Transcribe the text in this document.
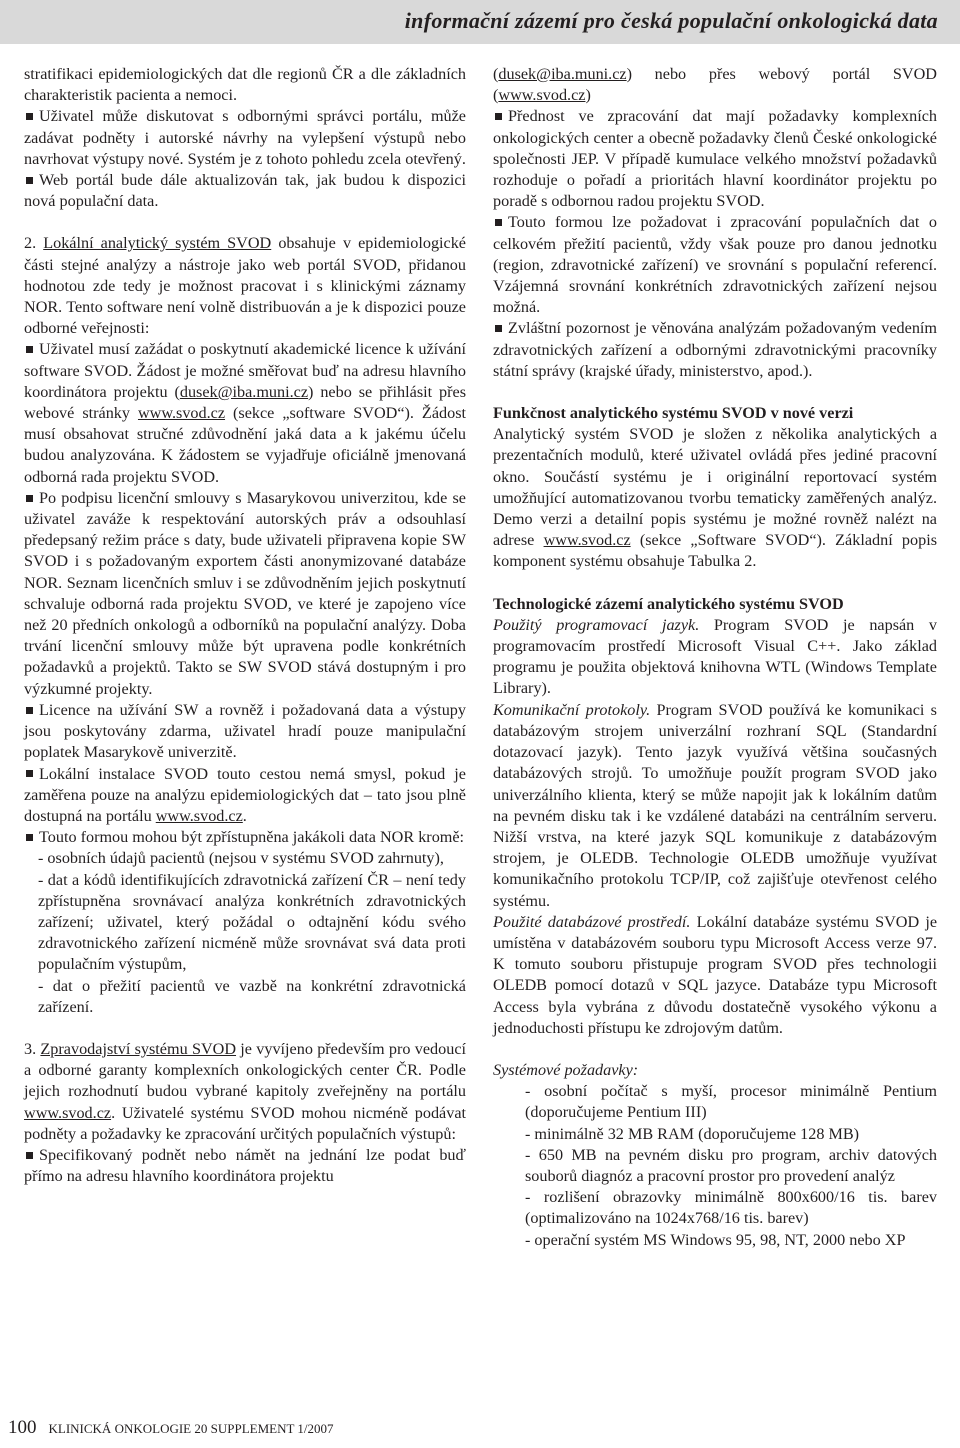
informační zázemí pro česká populační onkologická data

stratifikaci epidemiologických dat dle regionů ČR a dle základních charakteristik pacienta a nemoci.

Uživatel může diskutovat s odbornými správci portálu, může zadávat podněty i autorské návrhy na vylepšení výstupů nebo navrhovat výstupy nové. Systém je z tohoto pohledu zcela otevřený.

Web portál bude dále aktualizován tak, jak budou k dispozici nová populační data.

2. Lokální analytický systém SVOD obsahuje v epidemiologické části stejné analýzy a nástroje jako web portál SVOD, přidanou hodnotou zde tedy je možnost pracovat i s klinickými záznamy NOR. Tento software není volně distribuován a je k dispozici pouze odborné veřejnosti:

Uživatel musí zažádat o poskytnutí akademické licence k užívání software SVOD. Žádost je možné směřovat buď na adresu hlavního koordinátora projektu (dusek@iba.muni.cz) nebo se přihlásit přes webové stránky www.svod.cz (sekce „software SVOD“). Žádost musí obsahovat stručné zdůvodnění jaká data a k jakému účelu budou analyzována. K žádostem se vyjadřuje oficiálně jmenovaná odborná rada projektu SVOD.

Po podpisu licenční smlouvy s Masarykovou univerzitou, kde se uživatel zaváže k respektování autorských práv a odsouhlasí předepsaný režim práce s daty, bude uživateli připravena kopie SW SVOD i s požadovaným exportem části anonymizované databáze NOR. Seznam licenčních smluv i se zdůvodněním jejich poskytnutí schvaluje odborná rada projektu SVOD, ve které je zapojeno více než 20 předních onkologů a odborníků na populační analýzy. Doba trvání licenční smlouvy může být upravena podle konkrétních požadavků a projektů. Takto se SW SVOD stává dostupným i pro výzkumné projekty.

Licence na užívání SW a rovněž i požadovaná data a výstupy jsou poskytovány zdarma, uživatel hradí pouze manipulační poplatek Masarykově univerzitě.

Lokální instalace SVOD touto cestou nemá smysl, pokud je zaměřena pouze na analýzu epidemiologických dat – tato jsou plně dostupná na portálu www.svod.cz.

Touto formou mohou být zpřístupněna jakákoli data NOR kromě:

- osobních údajů pacientů (nejsou v systému SVOD zahrnuty),

- dat a kódů identifikujících zdravotnická zařízení ČR – není tedy zpřístupněna srovnávací analýza konkrétních zdravotnických zařízení; uživatel, který požádal o odtajnění kódu svého zdravotnického zařízení nicméně může srovnávat svá data proti populačním výstupům,

- dat o přežití pacientů ve vazbě na konkrétní zdravotnická zařízení.

3. Zpravodajství systému SVOD je vyvíjeno především pro vedoucí a odborné garanty komplexních onkologických center ČR. Podle jejich rozhodnutí budou vybrané kapitoly zveřejněny na portálu www.svod.cz. Uživatelé systému SVOD mohou nicméně podávat podněty a požadavky ke zpracování určitých populačních výstupů:

Specifikovaný podnět nebo námět na jednání lze podat buď přímo na adresu hlavního koordinátora projektu

(dusek@iba.muni.cz) nebo přes webový portál SVOD (www.svod.cz)

Přednost ve zpracování dat mají požadavky komplexních onkologických center a obecně požadavky členů České onkologické společnosti JEP. V případě kumulace velkého množství požadavků rozhoduje o pořadí a prioritách hlavní koordinátor projektu po poradě s odbornou radou projektu SVOD.

Touto formou lze požadovat i zpracování populačních dat o celkovém přežití pacientů, vždy však pouze pro danou jednotku (region, zdravotnické zařízení) ve srovnání s populační referencí. Vzájemná srovnání konkrétních zdravotnických zařízení nejsou možná.

Zvláštní pozornost je věnována analýzám požadovaným vedením zdravotnických zařízení a odbornými zdravotnickými pracovníky státní správy (krajské úřady, ministerstvo, apod.).

Funkčnost analytického systému SVOD v nové verzi

Analytický systém SVOD je složen z několika analytických a prezentačních modulů, které uživatel ovládá přes jediné pracovní okno. Součástí systému je i originální reportovací systém umožňující automatizovanou tvorbu tematicky zaměřených analýz. Demo verzi a detailní popis systému je možné rovněž nalézt na adrese www.svod.cz (sekce „Software SVOD“). Základní popis komponent systému obsahuje Tabulka 2.

Technologické zázemí analytického systému SVOD

Použitý programovací jazyk. Program SVOD je napsán v programovacím prostředí Microsoft Visual C++. Jako základ programu je použita objektová knihovna WTL (Windows Template Library).

Komunikační protokoly. Program SVOD používá ke komunikaci s databázovým strojem univerzální rozhraní SQL (Standardní dotazovací jazyk). Tento jazyk využívá většina současných databázových strojů. To umožňuje použít program SVOD jako univerzálního klienta, který se může napojit jak k lokálním datům na pevném disku tak i ke vzdálené databázi na centrálním serveru. Nižší vrstva, na které jazyk SQL komunikuje z databázovým strojem, je OLEDB. Technologie OLEDB umožňuje využívat komunikačního protokolu TCP/IP, což zajišťuje otevřenost celého systému.

Použité databázové prostředí. Lokální databáze systému SVOD je umístěna v databázovém souboru typu Microsoft Access verze 97. K tomuto souboru přistupuje program SVOD přes technologii OLEDB pomocí dotazů v SQL jazyce. Databáze typu Microsoft Access byla vybrána z důvodu dostatečně vysokého výkonu a jednoduchosti přístupu ke zdrojovým datům.

Systémové požadavky:

- osobní počítač s myší, procesor minimálně Pentium (doporučujeme Pentium III)

- minimálně 32 MB RAM (doporučujeme 128 MB)

- 650 MB na pevném disku pro program, archiv datových souborů diagnóz a pracovní prostor pro provedení analýz

- rozlišení obrazovky minimálně 800x600/16 tis. barev (optimalizováno na 1024x768/16 tis. barev)

- operační systém MS Windows 95, 98, NT, 2000 nebo XP

100 KLINICKÁ ONKOLOGIE 20 SUPPLEMENT 1/2007
